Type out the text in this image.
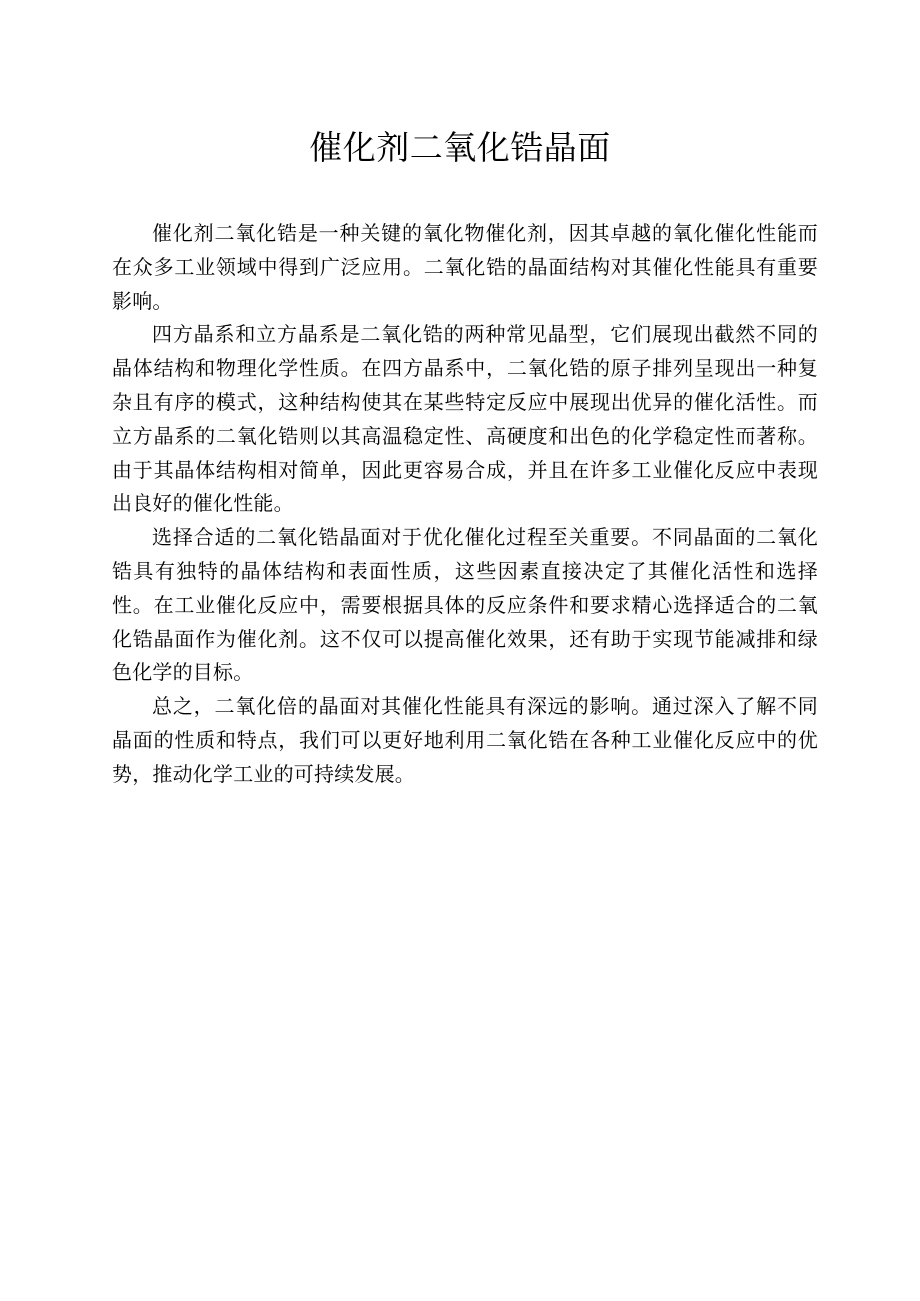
催化剂二氧化锆晶面

催化剂二氧化锆是一种关键的氧化物催化剂，因其卓越的氧化催化性能而在众多工业领域中得到广泛应用。二氧化锆的晶面结构对其催化性能具有重要影响。

四方晶系和立方晶系是二氧化锆的两种常见晶型，它们展现出截然不同的晶体结构和物理化学性质。在四方晶系中，二氧化锆的原子排列呈现出一种复杂且有序的模式，这种结构使其在某些特定反应中展现出优异的催化活性。而立方晶系的二氧化锆则以其高温稳定性、高硬度和出色的化学稳定性而著称。由于其晶体结构相对简单，因此更容易合成，并且在许多工业催化反应中表现出良好的催化性能。

选择合适的二氧化锆晶面对于优化催化过程至关重要。不同晶面的二氧化锆具有独特的晶体结构和表面性质，这些因素直接决定了其催化活性和选择性。在工业催化反应中，需要根据具体的反应条件和要求精心选择适合的二氧化锆晶面作为催化剂。这不仅可以提高催化效果，还有助于实现节能减排和绿色化学的目标。

总之，二氧化倍的晶面对其催化性能具有深远的影响。通过深入了解不同晶面的性质和特点，我们可以更好地利用二氧化锆在各种工业催化反应中的优势，推动化学工业的可持续发展。
